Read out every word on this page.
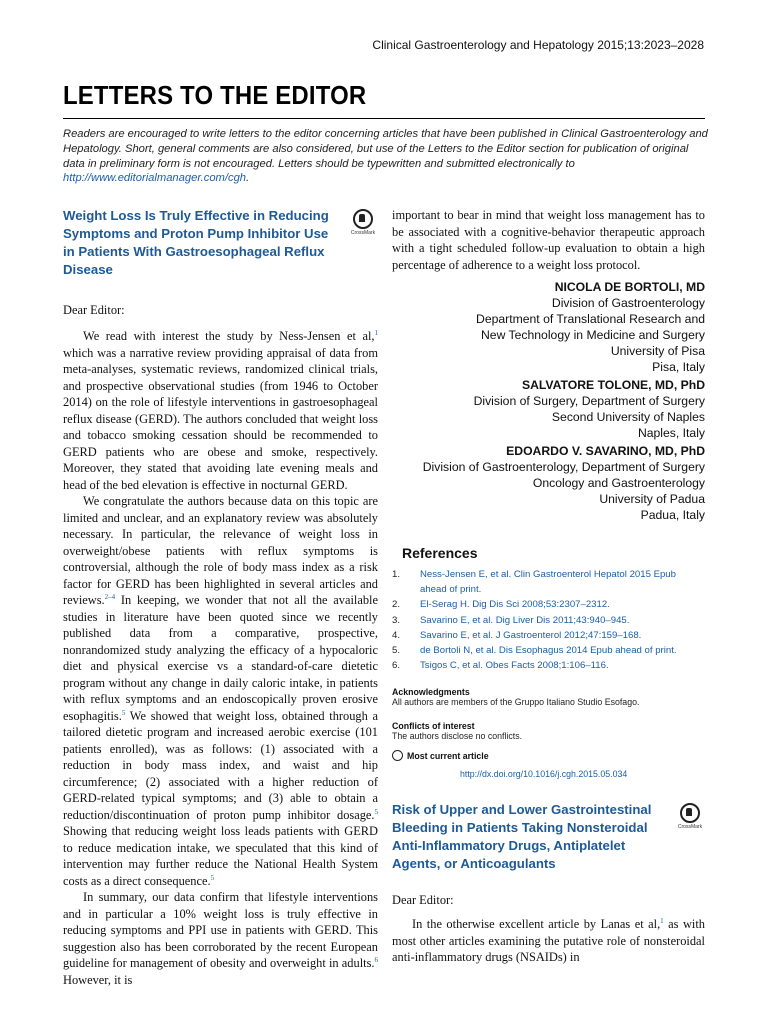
Clinical Gastroenterology and Hepatology 2015;13:2023–2028
LETTERS TO THE EDITOR
Readers are encouraged to write letters to the editor concerning articles that have been published in Clinical Gastroenterology and Hepatology. Short, general comments are also considered, but use of the Letters to the Editor section for publication of original data in preliminary form is not encouraged. Letters should be typewritten and submitted electronically to http://www.editorialmanager.com/cgh.
Weight Loss Is Truly Effective in Reducing Symptoms and Proton Pump Inhibitor Use in Patients With Gastroesophageal Reflux Disease
CrossMark
Dear Editor:

We read with interest the study by Ness-Jensen et al,$^1$ which was a narrative review providing appraisal of data from meta-analyses, systematic reviews, randomized clinical trials, and prospective observational studies (from 1946 to October 2014) on the role of lifestyle interventions in gastroesophageal reflux disease (GERD). The authors concluded that weight loss and tobacco smoking cessation should be recommended to GERD patients who are obese and smoke, respectively. Moreover, they stated that avoiding late evening meals and head of the bed elevation is effective in nocturnal GERD.

We congratulate the authors because data on this topic are limited and unclear, and an explanatory review was absolutely necessary. In particular, the relevance of weight loss in overweight/obese patients with reflux symptoms is controversial, although the role of body mass index as a risk factor for GERD has been highlighted in several articles and reviews.$^{2-4}$ In keeping, we wonder that not all the available studies in literature have been quoted since we recently published data from a comparative, prospective, nonrandomized study analyzing the efficacy of a hypocaloric diet and physical exercise vs a standard-of-care dietetic program without any change in daily caloric intake, in patients with reflux symptoms and an endoscopically proven erosive esophagitis.$^5$ We showed that weight loss, obtained through a tailored dietetic program and increased aerobic exercise (101 patients enrolled), was as follows: (1) associated with a reduction in body mass index, and waist and hip circumference; (2) associated with a higher reduction of GERD-related typical symptoms; and (3) able to obtain a reduction/discontinuation of proton pump inhibitor dosage.$^5$ Showing that reducing weight loss leads patients with GERD to reduce medication intake, we speculated that this kind of intervention may further reduce the National Health System costs as a direct consequence.$^5$

In summary, our data confirm that lifestyle interventions and in particular a 10% weight loss is truly effective in reducing symptoms and PPI use in patients with GERD. This suggestion also has been corroborated by the recent European guideline for management of obesity and overweight in adults.$^6$ However, it is

important to bear in mind that weight loss management has to be associated with a cognitive-behavior therapeutic approach with a tight scheduled follow-up evaluation to obtain a high percentage of adherence to a weight loss protocol.

NICOLA DE BORTOLI, MD
Division of Gastroenterology
Department of Translational Research and
New Technology in Medicine and Surgery
University of Pisa
Pisa, Italy
SALVATORE TOLONE, MD, PhD
Division of Surgery, Department of Surgery
Second University of Naples
Naples, Italy
EDOARDO V. SAVARINO, MD, PhD
Division of Gastroenterology, Department of Surgery
Oncology and Gastroenterology
University of Padua
Padua, Italy
References
1.	Ness-Jensen E, et al. Clin Gastroenterol Hepatol 2015 Epub ahead of print.
2.	El-Serag H. Dig Dis Sci 2008;53:2307–2312.
3.	Savarino E, et al. Dig Liver Dis 2011;43:940–945.
4.	Savarino E, et al. J Gastroenterol 2012;47:159–168.
5.	de Bortoli N, et al. Dis Esophagus 2014 Epub ahead of print.
6.	Tsigos C, et al. Obes Facts 2008;1:106–116.
Acknowledgments
All authors are members of the Gruppo Italiano Studio Esofago.
Conflicts of interest
The authors disclose no conflicts.
Most current article
http://dx.doi.org/10.1016/j.cgh.2015.05.034
Risk of Upper and Lower Gastrointestinal Bleeding in Patients Taking Nonsteroidal Anti-Inflammatory Drugs, Antiplatelet Agents, or Anticoagulants
CrossMark
Dear Editor:

In the otherwise excellent article by Lanas et al,$^1$ as with most other articles examining the putative role of nonsteroidal anti-inflammatory drugs (NSAIDs) in
